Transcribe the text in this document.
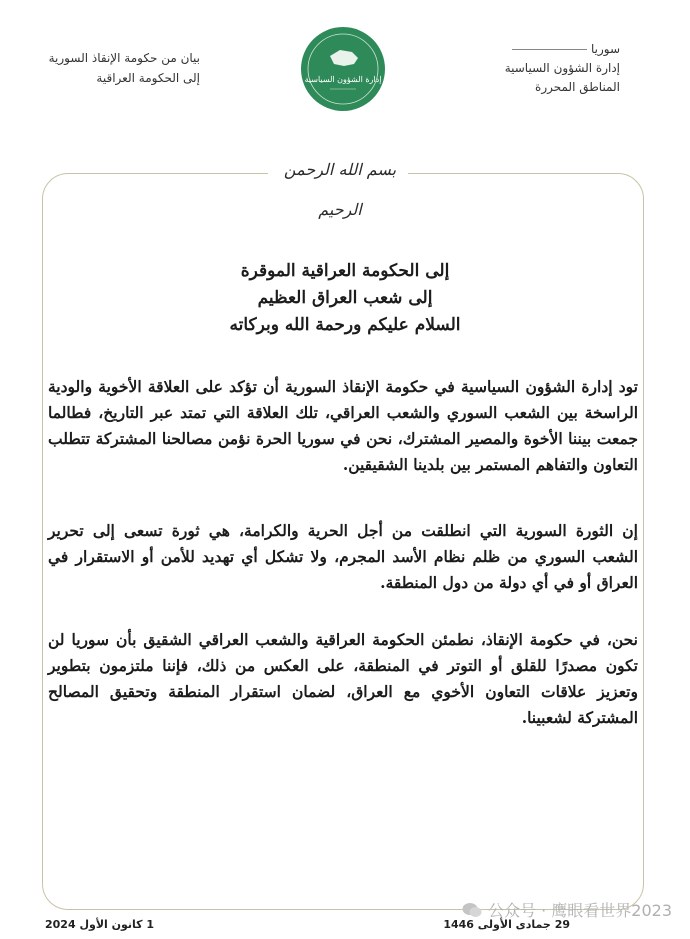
سوريا
إدارة الشؤون السياسية
المناطق المحررة
إدارة الشؤون السياسية
بيان من حكومة الإنقاذ السورية
إلى الحكومة العراقية
بسم الله الرحمن الرحيم
إلى الحكومة العراقية الموقرة
إلى شعب العراق العظيم
السلام عليكم ورحمة الله وبركاته

تود إدارة الشؤون السياسية في حكومة الإنقاذ السورية أن تؤكد على العلاقة الأخوية والودية الراسخة بين الشعب السوري والشعب العراقي، تلك العلاقة التي تمتد عبر التاريخ، فطالما جمعت بيننا الأخوة والمصير المشترك، نحن في سوريا الحرة نؤمن مصالحنا المشتركة تتطلب التعاون والتفاهم المستمر بين بلدينا الشقيقين.

إن الثورة السورية التي انطلقت من أجل الحرية والكرامة، هي ثورة تسعى إلى تحرير الشعب السوري من ظلم نظام الأسد المجرم، ولا تشكل أي تهديد للأمن أو الاستقرار في العراق أو في أي دولة من دول المنطقة.

نحن، في حكومة الإنقاذ، نطمئن الحكومة العراقية والشعب العراقي الشقيق بأن سوريا لن تكون مصدرًا للقلق أو التوتر في المنطقة، على العكس من ذلك، فإننا ملتزمون بتطوير وتعزيز علاقات التعاون الأخوي مع العراق، لضمان استقرار المنطقة وتحقيق المصالح المشتركة لشعبينا.

29 جمادى الأولى 1446
1 كانون الأول 2024
公众号 · 鹰眼看世界2023
